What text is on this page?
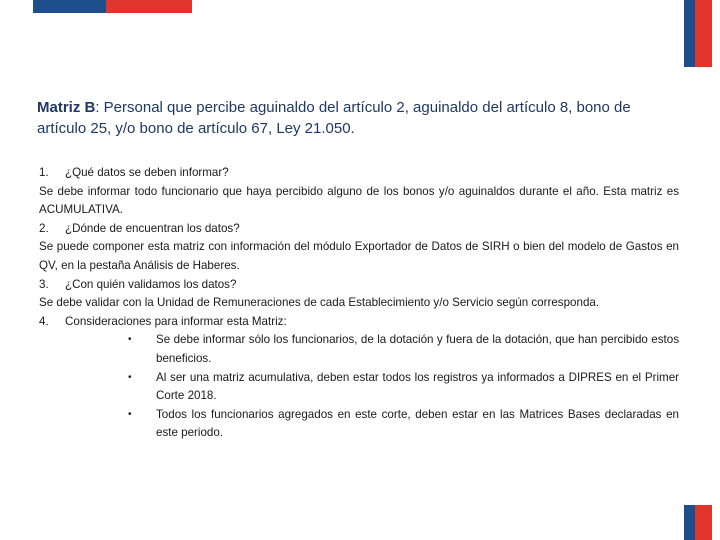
Matriz B: Personal que percibe aguinaldo del artículo 2, aguinaldo del artículo 8, bono de artículo 25, y/o bono de artículo 67, Ley 21.050.

1. ¿Qué datos se deben informar?

Se debe informar todo funcionario que haya percibido alguno de los bonos y/o aguinaldos durante el año. Esta matriz es ACUMULATIVA.

2. ¿Dónde de encuentran los datos?

Se puede componer esta matriz con información del módulo Exportador de Datos de SIRH o bien del modelo de Gastos en QV, en la pestaña Análisis de Haberes.

3. ¿Con quién validamos los datos?

Se debe validar con la Unidad de Remuneraciones de cada Establecimiento y/o Servicio según corresponda.

4. Consideraciones para informar esta Matriz:

• Se debe informar sólo los funcionarios, de la dotación y fuera de la dotación, que han percibido estos beneficios.

• Al ser una matriz acumulativa, deben estar todos los registros ya informados a DIPRES en el Primer Corte 2018.

• Todos los funcionarios agregados en este corte, deben estar en las Matrices Bases declaradas en este periodo.
